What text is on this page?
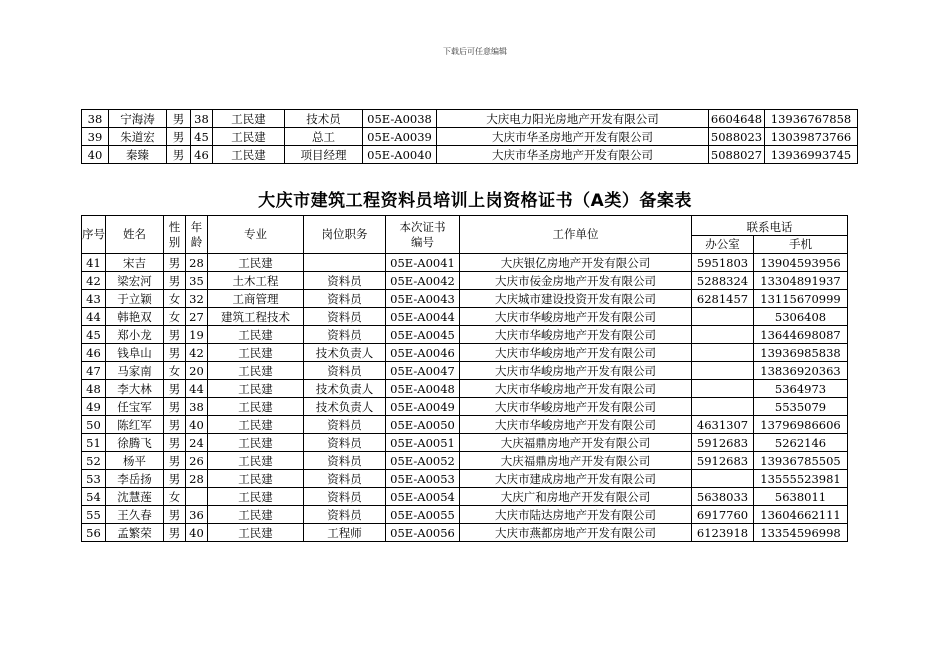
下载后可任意编辑
38	宁海涛	男	38	工民建	技术员	05E-A0038	大庆电力阳光房地产开发有限公司	6604648	13936767858
39	朱道宏	男	45	工民建	总工	05E-A0039	大庆市华圣房地产开发有限公司	5088023	13039873766
40	秦臻	男	46	工民建	项目经理	05E-A0040	大庆市华圣房地产开发有限公司	5088027	13936993745
大庆市建筑工程资料员培训上岗资格证书（A类）备案表
序号	姓名	性别	年龄	专业	岗位职务	本次证书编号	工作单位	联系电话	
								办公室	手机
41	宋吉	男	28	工民建		05E-A0041	大庆银亿房地产开发有限公司	5951803	13904593956
42	梁宏河	男	35	土木工程	资料员	05E-A0042	大庆市佞金房地产开发有限公司	5288324	13304891937
43	于立颖	女	32	工商管理	资料员	05E-A0043	大庆城市建设投资开发有限公司	6281457	13115670999
44	韩艳双	女	27	建筑工程技术	资料员	05E-A0044	大庆市华峻房地产开发有限公司		5306408
45	郑小龙	男	19	工民建	资料员	05E-A0045	大庆市华峻房地产开发有限公司		13644698087
46	钱阜山	男	42	工民建	技术负责人	05E-A0046	大庆市华峻房地产开发有限公司		13936985838
47	马家南	女	20	工民建	资料员	05E-A0047	大庆市华峻房地产开发有限公司		13836920363
48	李大林	男	44	工民建	技术负责人	05E-A0048	大庆市华峻房地产开发有限公司		5364973
49	任宝军	男	38	工民建	技术负责人	05E-A0049	大庆市华峻房地产开发有限公司		5535079
50	陈红军	男	40	工民建	资料员	05E-A0050	大庆市华峻房地产开发有限公司	4631307	13796986606
51	徐腾飞	男	24	工民建	资料员	05E-A0051	大庆福鼎房地产开发有限公司	5912683	5262146
52	杨平	男	26	工民建	资料员	05E-A0052	大庆福鼎房地产开发有限公司	5912683	13936785505
53	李岳扬	男	28	工民建	资料员	05E-A0053	大庆市建成房地产开发有限公司		13555523981
54	沈慧莲	女		工民建	资料员	05E-A0054	大庆广和房地产开发有限公司	5638033	5638011
55	王久春	男	36	工民建	资料员	05E-A0055	大庆市陆达房地产开发有限公司	6917760	13604662111
56	孟繁荣	男	40	工民建	工程师	05E-A0056	大庆市燕都房地产开发有限公司	6123918	13354596998
